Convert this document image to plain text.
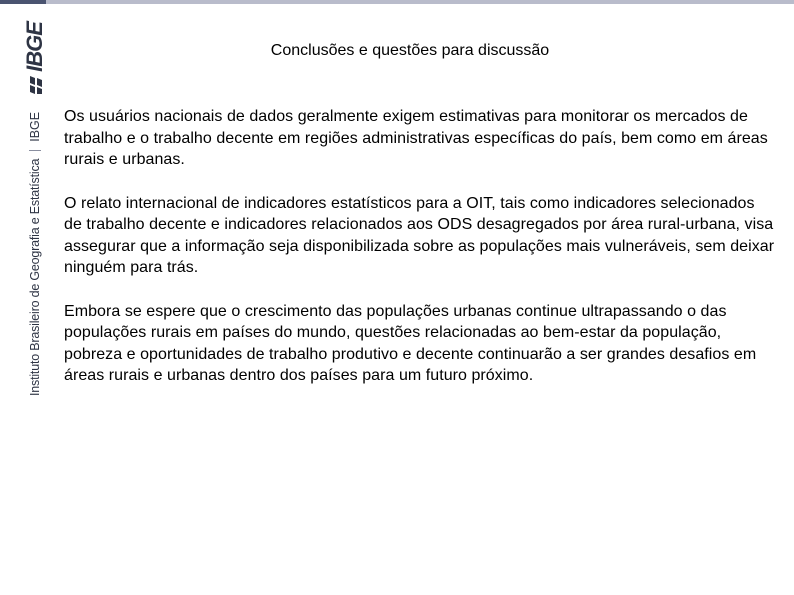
Instituto Brasileiro de Geografia e Estatística
IBGE
IBGE	Conclusões e questões para discussão

Os usuários nacionais de dados geralmente exigem estimativas para monitorar os mercados de trabalho e o trabalho decente em regiões administrativas específicas do país, bem como em áreas rurais e urbanas.

O relato internacional de indicadores estatísticos para a OIT, tais como indicadores selecionados de trabalho decente e indicadores relacionados aos ODS desagregados por área rural-urbana, visa assegurar que a informação seja disponibilizada sobre as populações mais vulneráveis, sem deixar ninguém para trás.

Embora se espere que o crescimento das populações urbanas continue ultrapassando o das populações rurais em países do mundo, questões relacionadas ao bem-estar da população, pobreza e oportunidades de trabalho produtivo e decente continuarão a ser grandes desafios em áreas rurais e urbanas dentro dos países para um futuro próximo.
